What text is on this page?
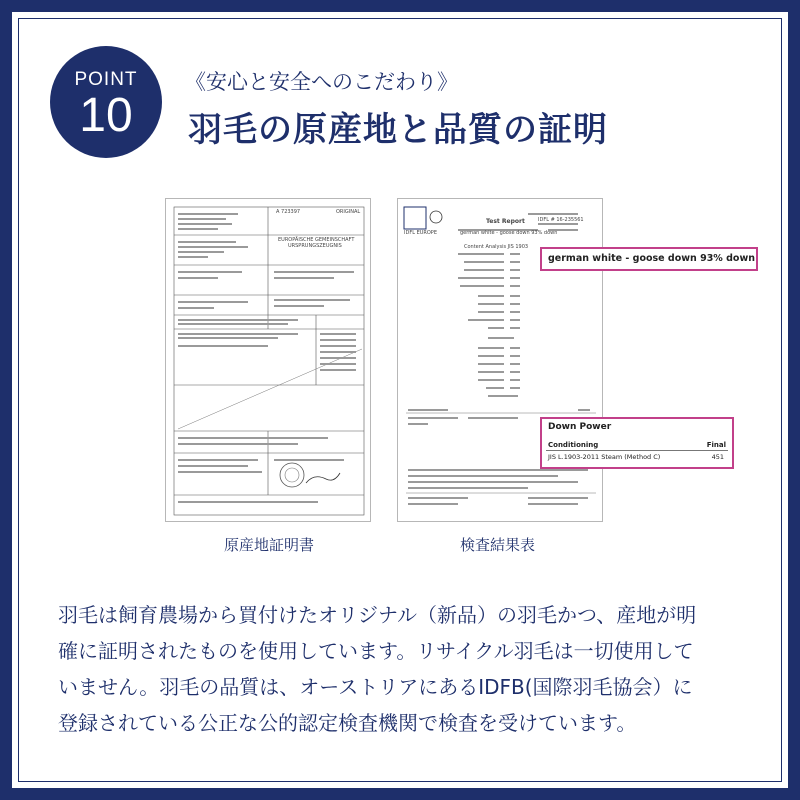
POINT
10
《安心と安全へのこだわり》
羽毛の原産地と品質の証明
A 723397	ORIGINAL
EUROPÄISCHE GEMEINSCHAFT
URSPRUNGSZEUGNIS
IDFL EUROPE
Test Report	IDFL # 16-235561
german white - goose down 93% down
Content Analysis JIS 1903
german white - goose down 93% down
Down Power
Conditioning	Final
JIS L.1903-2011 Steam (Method C)	451
原産地証明書	検査結果表
羽毛は飼育農場から買付けたオリジナル（新品）の羽毛かつ、産地が明
確に証明されたものを使用しています。リサイクル羽毛は一切使用して
いません。羽毛の品質は、オーストリアにあるIDFB(国際羽毛協会）に
登録されている公正な公的認定検査機関で検査を受けています。
